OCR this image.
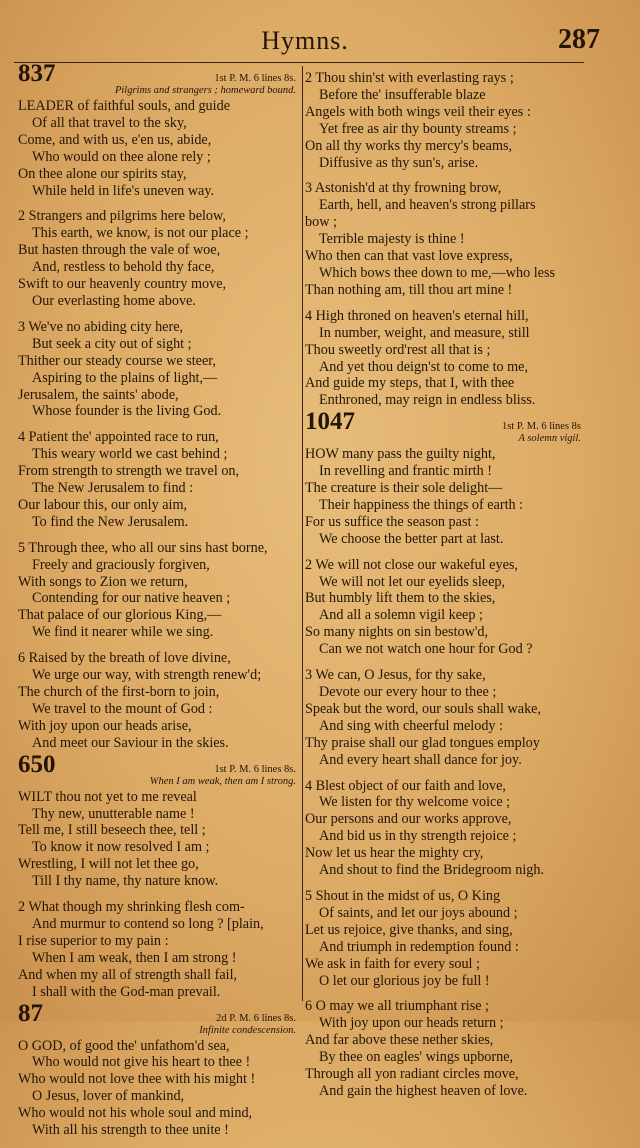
Hymns.	287
837	1st P. M. 6 lines 8s.
Pilgrims and strangers ; homeward bound.
LEADER of faithful souls, and guide
Of all that travel to the sky,
Come, and with us, e'en us, abide,
Who would on thee alone rely ;
On thee alone our spirits stay,
While held in life's uneven way.
2 Strangers and pilgrims here below,
This earth, we know, is not our place ;
But hasten through the vale of woe,
And, restless to behold thy face,
Swift to our heavenly country move,
Our everlasting home above.
3 We've no abiding city here,
But seek a city out of sight ;
Thither our steady course we steer,
Aspiring to the plains of light,—
Jerusalem, the saints' abode,
Whose founder is the living God.
4 Patient the' appointed race to run,
This weary world we cast behind ;
From strength to strength we travel on,
The New Jerusalem to find :
Our labour this, our only aim,
To find the New Jerusalem.
5 Through thee, who all our sins hast borne,
Freely and graciously forgiven,
With songs to Zion we return,
Contending for our native heaven ;
That palace of our glorious King,—
We find it nearer while we sing.
6 Raised by the breath of love divine,
We urge our way, with strength renew'd;
The church of the first-born to join,
We travel to the mount of God :
With joy upon our heads arise,
And meet our Saviour in the skies.
650	1st P. M. 6 lines 8s.
When I am weak, then am I strong.
WILT thou not yet to me reveal
Thy new, unutterable name !
Tell me, I still beseech thee, tell ;
To know it now resolved I am ;
Wrestling, I will not let thee go,
Till I thy name, thy nature know.
2 What though my shrinking flesh com-
And murmur to contend so long ? [plain,
I rise superior to my pain :
When I am weak, then I am strong !
And when my all of strength shall fail,
I shall with the God-man prevail.
87	2d P. M. 6 lines 8s.
Infinite condescension.
O GOD, of good the' unfathom'd sea,
Who would not give his heart to thee !
Who would not love thee with his might !
O Jesus, lover of mankind,
Who would not his whole soul and mind,
With all his strength to thee unite !
2 Thou shin'st with everlasting rays ;
Before the' insufferable blaze
Angels with both wings veil their eyes :
Yet free as air thy bounty streams ;
On all thy works thy mercy's beams,
Diffusive as thy sun's, arise.
3 Astonish'd at thy frowning brow,
Earth, hell, and heaven's strong pillars
bow ;
Terrible majesty is thine !
Who then can that vast love express,
Which bows thee down to me,—who less
Than nothing am, till thou art mine !
4 High throned on heaven's eternal hill,
In number, weight, and measure, still
Thou sweetly ord'rest all that is ;
And yet thou deign'st to come to me,
And guide my steps, that I, with thee
Enthroned, may reign in endless bliss.
1047	1st P. M. 6 lines 8s
A solemn vigil.
HOW many pass the guilty night,
In revelling and frantic mirth !
The creature is their sole delight—
Their happiness the things of earth :
For us suffice the season past :
We choose the better part at last.
2 We will not close our wakeful eyes,
We will not let our eyelids sleep,
But humbly lift them to the skies,
And all a solemn vigil keep ;
So many nights on sin bestow'd,
Can we not watch one hour for God ?
3 We can, O Jesus, for thy sake,
Devote our every hour to thee ;
Speak but the word, our souls shall wake,
And sing with cheerful melody :
Thy praise shall our glad tongues employ
And every heart shall dance for joy.
4 Blest object of our faith and love,
We listen for thy welcome voice ;
Our persons and our works approve,
And bid us in thy strength rejoice ;
Now let us hear the mighty cry,
And shout to find the Bridegroom nigh.
5 Shout in the midst of us, O King
Of saints, and let our joys abound ;
Let us rejoice, give thanks, and sing,
And triumph in redemption found :
We ask in faith for every soul ;
O let our glorious joy be full !
6 O may we all triumphant rise ;
With joy upon our heads return ;
And far above these nether skies,
By thee on eagles' wings upborne,
Through all yon radiant circles move,
And gain the highest heaven of love.
